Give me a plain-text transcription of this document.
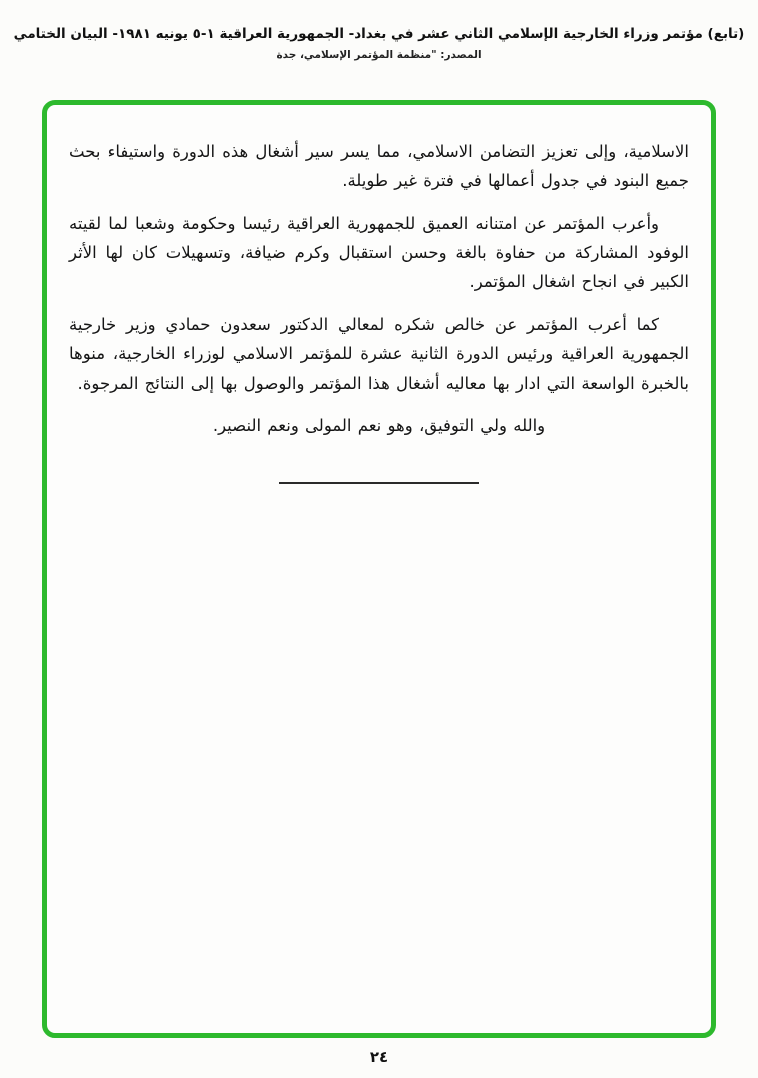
(تابع) مؤتمر وزراء الخارجية الإسلامي الثاني عشر في بغداد- الجمهورية العراقية ١-٥ يونيه ١٩٨١- البيان الختامي
المصدر: "منظمة المؤتمر الإسلامي، جدة

الاسلامية، وإلى تعزيز التضامن الاسلامي، مما يسر سير أشغال هذه الدورة واستيفاء بحث جميع البنود في جدول أعمالها في فترة غير طويلة.

وأعرب المؤتمر عن امتنانه العميق للجمهورية العراقية رئيسا وحكومة وشعبا لما لقيته الوفود المشاركة من حفاوة بالغة وحسن استقبال وكرم ضيافة، وتسهيلات كان لها الأثر الكبير في انجاح اشغال المؤتمر.

كما أعرب المؤتمر عن خالص شكره لمعالي الدكتور سعدون حمادي وزير خارجية الجمهورية العراقية ورئيس الدورة الثانية عشرة للمؤتمر الاسلامي لوزراء الخارجية، منوها بالخبرة الواسعة التي ادار بها معاليه أشغال هذا المؤتمر والوصول بها إلى النتائج المرجوة.

والله ولي التوفيق، وهو نعم المولى ونعم النصير.

٢٤
